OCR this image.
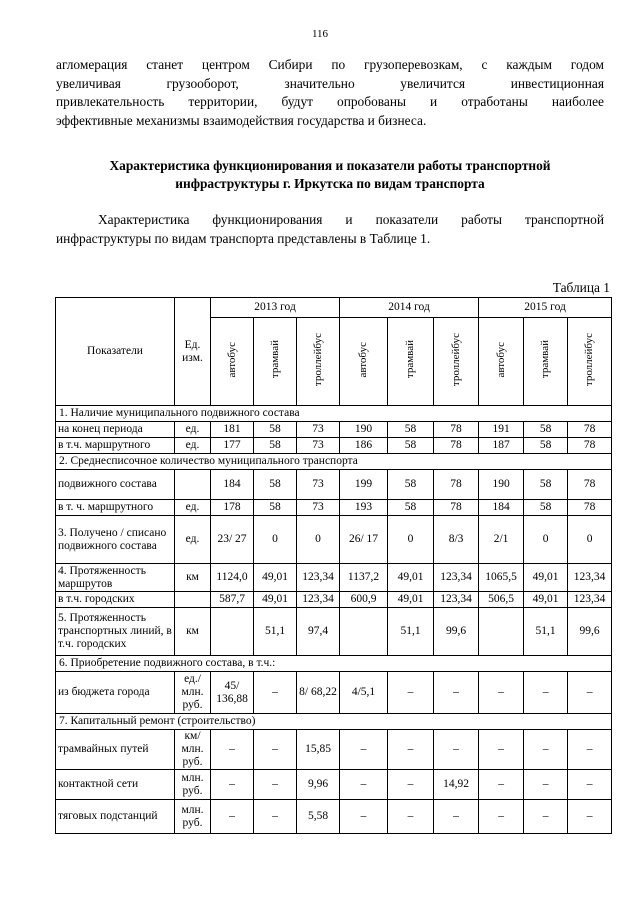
116
агломерация станет центром Сибири по грузоперевозкам, с каждым годом
увеличивая грузооборот, значительно увеличится инвестиционная
привлекательность территории, будут опробованы и отработаны наиболее
эффективные механизмы взаимодействия государства и бизнеса.
Характеристика функционирования и показатели работы транспортной
инфраструктуры г. Иркутска по видам транспорта
Характеристика функционирования и показатели работы транспортной
инфраструктуры по видам транспорта представлены в Таблице 1.
Таблица 1
Показатели	Ед. изм.	2013 год			2014 год			2015 год		
		автобус	трамвай	троллейбус	автобус	трамвай	троллейбус	автобус	трамвай	троллейбус
1. Наличие муниципального подвижного состава										
на конец периода	ед.	181	58	73	190	58	78	191	58	78
в т.ч. маршрутного	ед.	177	58	73	186	58	78	187	58	78
2. Среднесписочное количество муниципального транспорта										
подвижного состава		184	58	73	199	58	78	190	58	78
в т. ч. маршрутного	ед.	178	58	73	193	58	78	184	58	78
3. Получено / списано подвижного состава	ед.	23/ 27	0	0	26/ 17	0	8/3	2/1	0	0
4. Протяженность маршрутов	км	1124,0	49,01	123,34	1137,2	49,01	123,34	1065,5	49,01	123,34
в т.ч. городских		587,7	49,01	123,34	600,9	49,01	123,34	506,5	49,01	123,34
5. Протяженность транспортных линий, в т.ч. городских	км		51,1	97,4		51,1	99,6		51,1	99,6
6. Приобретение подвижного состава, в т.ч.:										
из бюджета города	ед./ млн. руб.	45/ 136,88	–	8/ 68,22	4/5,1	–	–	–	–	–
7. Капитальный ремонт (строительство)										
трамвайных путей	км/ млн. руб.	–	–	15,85	–	–	–	–	–	–
контактной сети	млн. руб.	–	–	9,96	–	–	14,92	–	–	–
тяговых подстанций	млн. руб.	–	–	5,58	–	–	–	–	–	–
